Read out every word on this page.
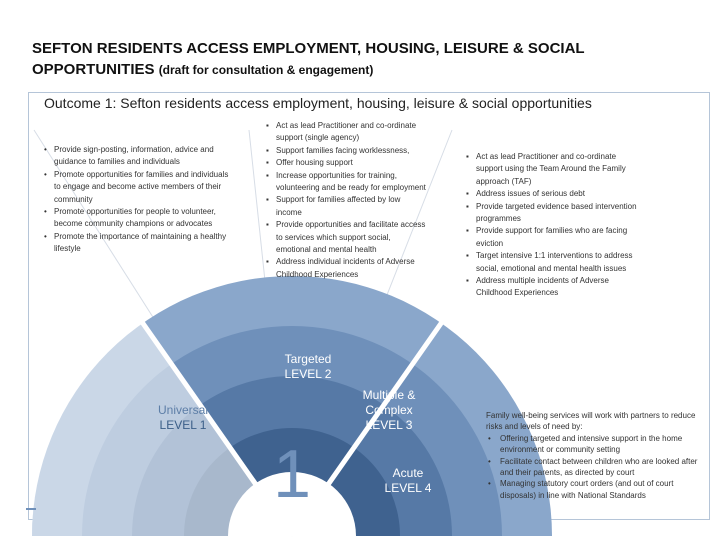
SEFTON RESIDENTS ACCESS EMPLOYMENT, HOUSING, LEISURE & SOCIAL OPPORTUNITIES (draft for consultation & engagement)
Outcome 1: Sefton residents access employment, housing, leisure & social opportunities
• Provide sign-posting, information, advice and guidance to families and individuals
• Promote opportunities for families and individuals to engage and become active members of their community
• Promote opportunities for people to volunteer, become community champions or advocates
• Promote the importance of maintaining a healthy lifestyle
▪ Act as lead Practitioner and co-ordinate support (single agency)
▪ Support families facing worklessness,
▪ Offer housing support
▪ Increase opportunities for training, volunteering and be ready for employment
▪ Support for families affected by low income
▪ Provide opportunities and facilitate access to services which support social, emotional and mental health
▪ Address individual incidents of Adverse Childhood Experiences
▪ Act as lead Practitioner and co-ordinate support using the Team Around the Family approach (TAF)
▪ Address issues of serious debt
▪ Provide targeted evidence based intervention programmes
▪ Provide support for families who are facing eviction
▪ Target intensive 1:1 interventions to address social, emotional and mental health issues
▪ Address multiple incidents of Adverse Childhood Experiences
Universal
LEVEL 1
Targeted
LEVEL 2
Multiple & Complex
LEVEL 3
Acute
LEVEL 4
1
Family well-being services will work with partners to reduce risks and levels of need by:
• Offering targeted and intensive support in the home environment or community setting
• Facilitate contact between children who are looked after and their parents, as directed by court
• Managing statutory court orders (and out of court disposals) in line with National Standards
